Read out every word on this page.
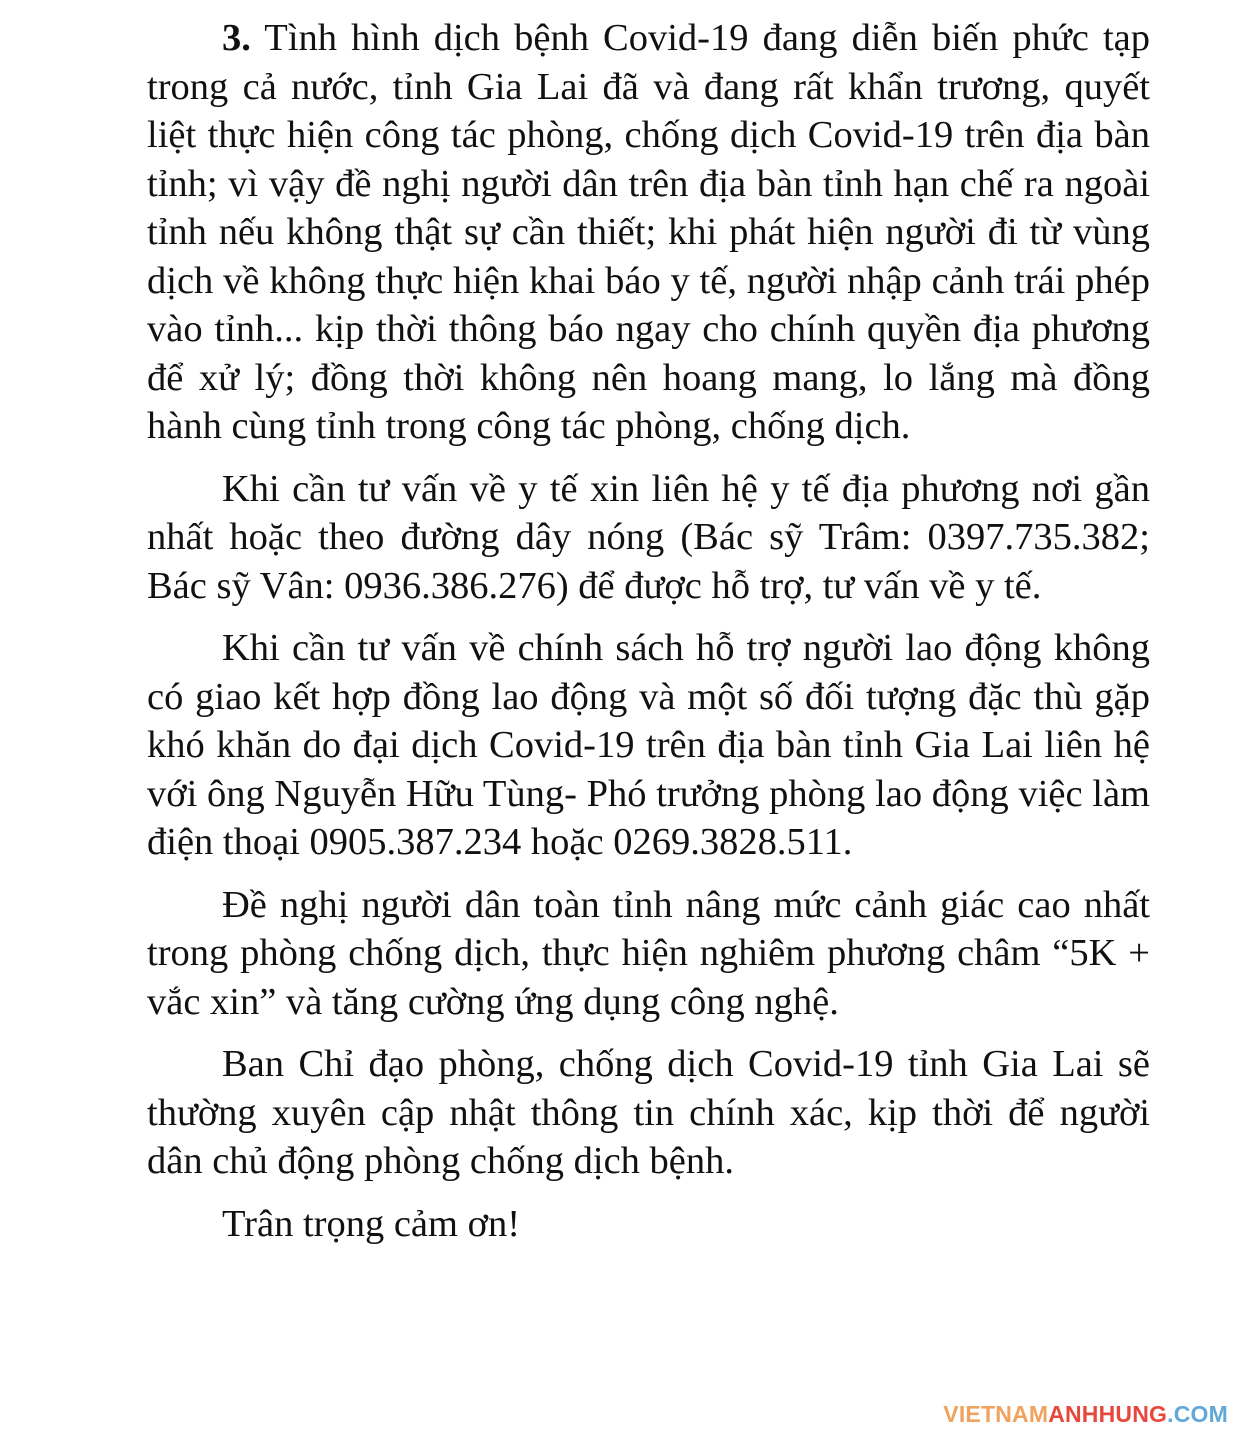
3. Tình hình dịch bệnh Covid-19 đang diễn biến phức tạp trong cả nước, tỉnh Gia Lai đã và đang rất khẩn trương, quyết liệt thực hiện công tác phòng, chống dịch Covid-19 trên địa bàn tỉnh; vì vậy đề nghị người dân trên địa bàn tỉnh hạn chế ra ngoài tỉnh nếu không thật sự cần thiết; khi phát hiện người đi từ vùng dịch về không thực hiện khai báo y tế, người nhập cảnh trái phép vào tỉnh... kịp thời thông báo ngay cho chính quyền địa phương để xử lý; đồng thời không nên hoang mang, lo lắng mà đồng hành cùng tỉnh trong công tác phòng, chống dịch.

Khi cần tư vấn về y tế xin liên hệ y tế địa phương nơi gần nhất hoặc theo đường dây nóng (Bác sỹ Trâm: 0397.735.382; Bác sỹ Vân: 0936.386.276) để được hỗ trợ, tư vấn về y tế.

Khi cần tư vấn về chính sách hỗ trợ người lao động không có giao kết hợp đồng lao động và một số đối tượng đặc thù gặp khó khăn do đại dịch Covid-19 trên địa bàn tỉnh Gia Lai liên hệ với ông Nguyễn Hữu Tùng- Phó trưởng phòng lao động việc làm điện thoại 0905.387.234 hoặc 0269.3828.511.

Đề nghị người dân toàn tỉnh nâng mức cảnh giác cao nhất trong phòng chống dịch, thực hiện nghiêm phương châm “5K + vắc xin” và tăng cường ứng dụng công nghệ.

Ban Chỉ đạo phòng, chống dịch Covid-19 tỉnh Gia Lai sẽ thường xuyên cập nhật thông tin chính xác, kịp thời để người dân chủ động phòng chống dịch bệnh.

Trân trọng cảm ơn!

VIETNAMANHHUNG.COM
